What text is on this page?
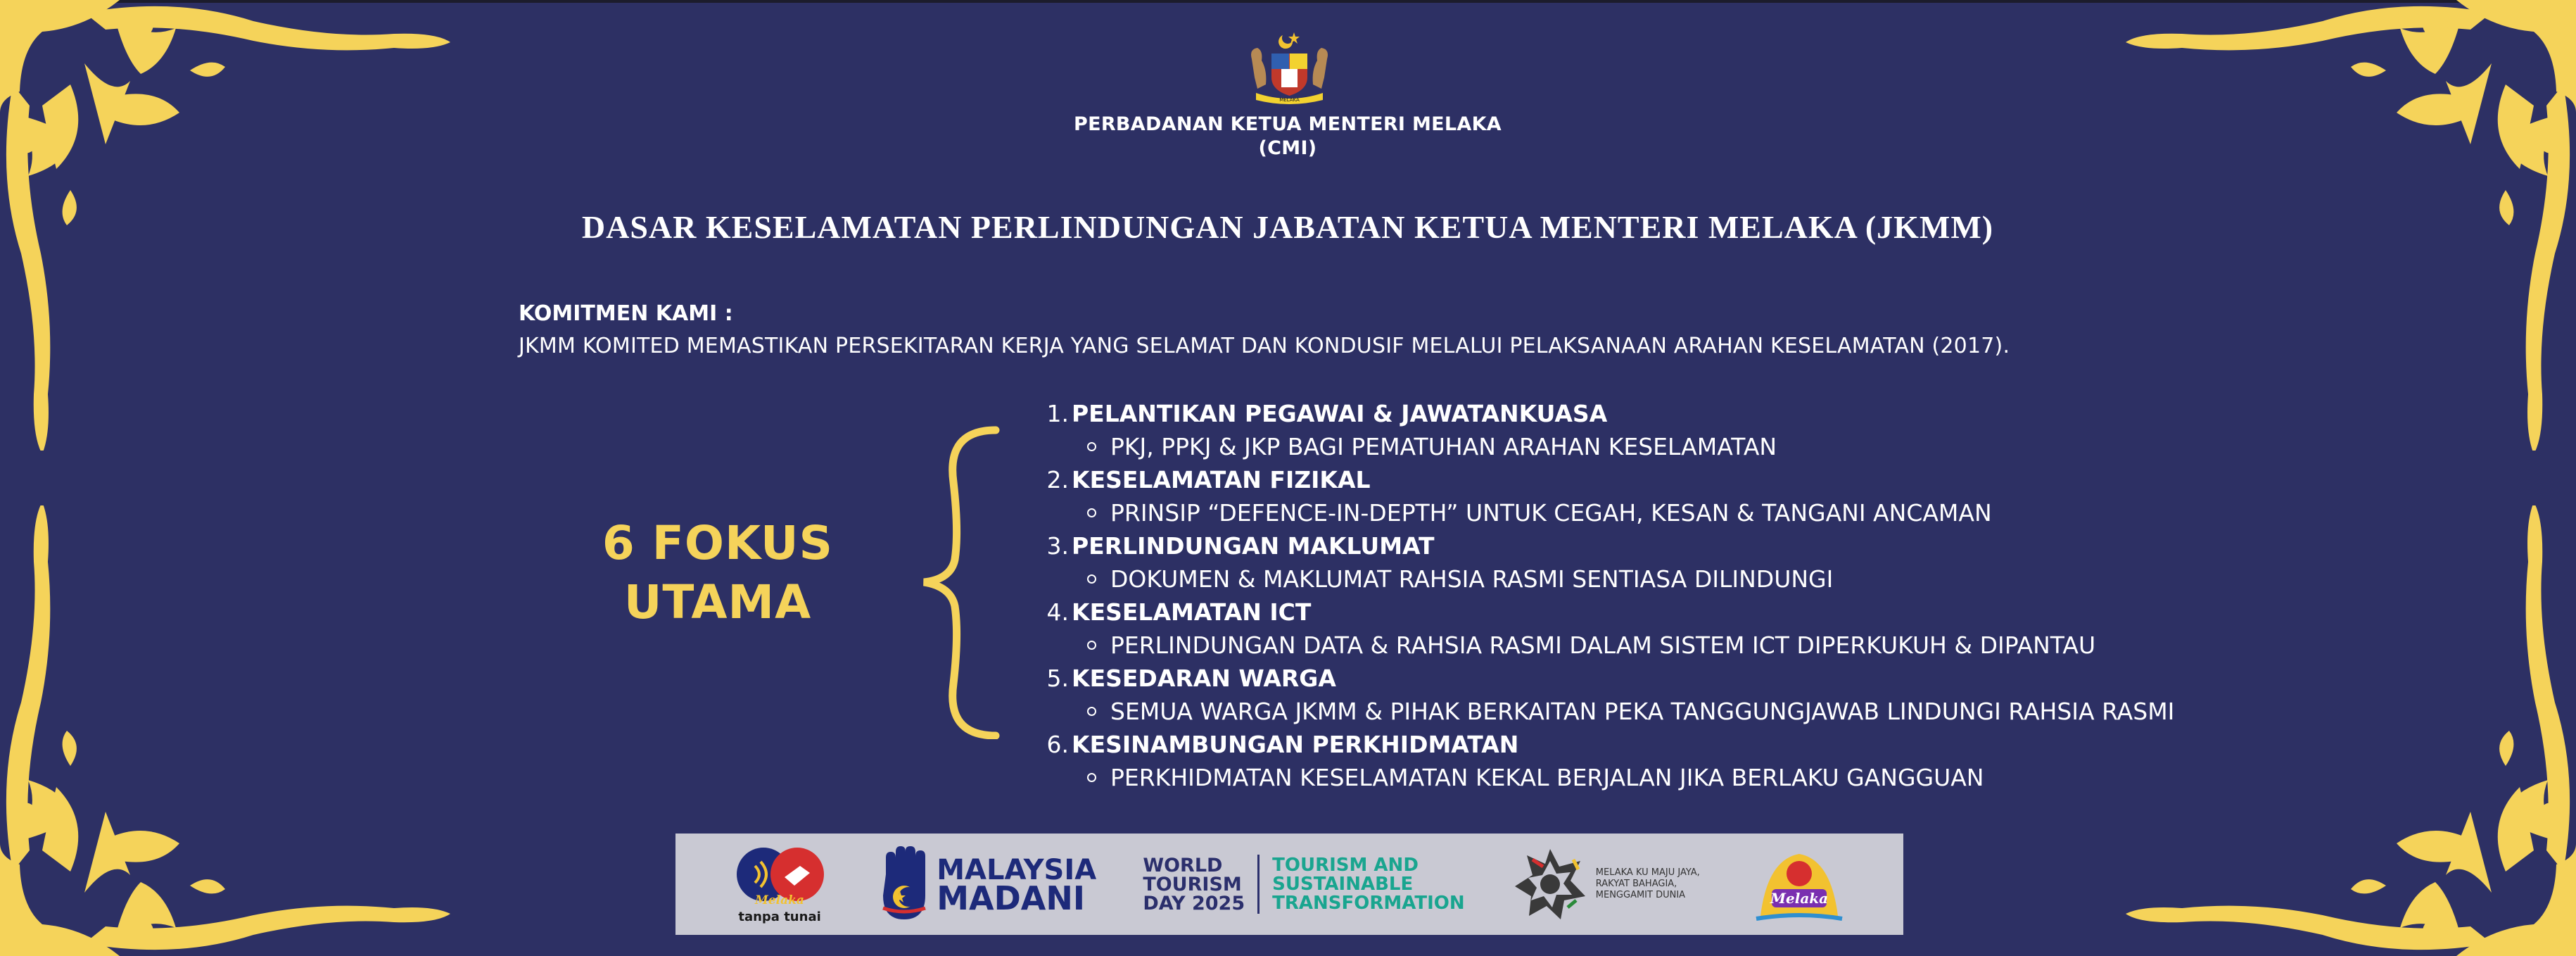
MELAKA
PERBADANAN KETUA MENTERI MELAKA
(CMI)
DASAR KESELAMATAN PERLINDUNGAN JABATAN KETUA MENTERI MELAKA (JKMM)
KOMITMEN KAMI :
JKMM KOMITED MEMASTIKAN PERSEKITARAN KERJA YANG SELAMAT DAN KONDUSIF MELALUI PELAKSANAAN ARAHAN KESELAMATAN (2017).
6 FOKUS
UTAMA
1. PELANTIKAN PEGAWAI & JAWATANKUASA
PKJ, PPKJ & JKP BAGI PEMATUHAN ARAHAN KESELAMATAN
2. KESELAMATAN FIZIKAL
PRINSIP “DEFENCE-IN-DEPTH” UNTUK CEGAH, KESAN & TANGANI ANCAMAN
3. PERLINDUNGAN MAKLUMAT
DOKUMEN & MAKLUMAT RAHSIA RASMI SENTIASA DILINDUNGI
4. KESELAMATAN ICT
PERLINDUNGAN DATA & RAHSIA RASMI DALAM SISTEM ICT DIPERKUKUH & DIPANTAU
5. KESEDARAN WARGA
SEMUA WARGA JKMM & PIHAK BERKAITAN PEKA TANGGUNGJAWAB LINDUNGI RAHSIA RASMI
6. KESINAMBUNGAN PERKHIDMATAN
PERKHIDMATAN KESELAMATAN KEKAL BERJALAN JIKA BERLAKU GANGGUAN
Melaka
tanpa tunai
MALAYSIA
MADANI
WORLD
TOURISM
DAY 2025
TOURISM AND
SUSTAINABLE
TRANSFORMATION
MELAKA KU MAJU JAYA,
RAKYAT BAHAGIA,
MENGGAMIT DUNIA	Melaka
